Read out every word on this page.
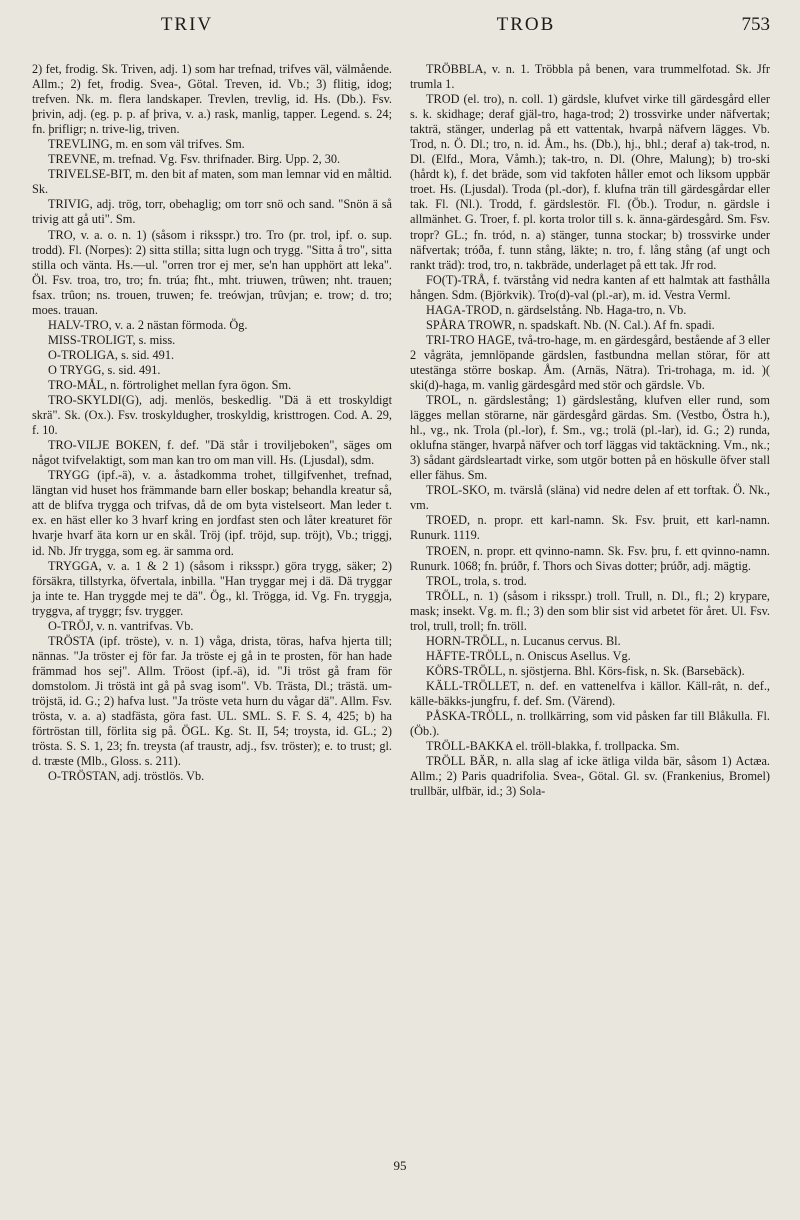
TRIV	TROB	753

2) fet, frodig. Sk. Triven, adj. 1) som har trefnad, trifves väl, välmående. Allm.; 2) fet, frodig. Svea-, Götal. Treven, id. Vb.; 3) flitig, idog; trefven. Nk. m. flera landskaper. Trevlen, trevlig, id. Hs. (Db.). Fsv. þrivin, adj. (eg. p. p. af þriva, v. a.) rask, manlig, tapper. Legend. s. 24; fn. þrifligr; n. trive-lig, triven.

TREVLING, m. en som väl trifves. Sm.

TREVNE, m. trefnad. Vg. Fsv. thrifnader. Birg. Upp. 2, 30.

TRIVELSE-BIT, m. den bit af maten, som man lemnar vid en måltid. Sk.

TRIVIG, adj. trög, torr, obehaglig; om torr snö och sand. "Snön ä så trivig att gå uti". Sm.

TRO, v. a. o. n. 1) (såsom i riksspr.) tro. Tro (pr. trol, ipf. o. sup. trodd). Fl. (Norpes): 2) sitta stilla; sitta lugn och trygg. "Sitta å tro", sitta stilla och vänta. Hs.—ul. "orren tror ej mer, se'n han upphört att leka". Öl. Fsv. troa, tro, tro; fn. trúa; fht., mht. triuwen, trûwen; nht. trauen; fsax. trûon; ns. trouen, truwen; fe. treówjan, trûvjan; e. trow; d. tro; moes. trauan.

HALV-TRO, v. a. 2 nästan förmoda. Ög.

MISS-TROLIGT, s. miss.

O-TROLIGA, s. sid. 491.

O TRYGG, s. sid. 491.

TRO-MÅL, n. förtrolighet mellan fyra ögon. Sm.

TRO-SKYLDI(G), adj. menlös, beskedlig. "Dä ä ett troskyldigt skrä". Sk. (Ox.). Fsv. troskyldugher, troskyldig, kristtrogen. Cod. A. 29, f. 10.

TRO-VILJE BOKEN, f. def. "Dä står i troviljeboken", säges om något tvifvelaktigt, som man kan tro om man vill. Hs. (Ljusdal), sdm.

TRYGG (ipf.-ä), v. a. åstadkomma trohet, tillgifvenhet, trefnad, längtan vid huset hos främmande barn eller boskap; behandla kreatur så, att de blifva trygga och trifvas, då de om byta vistelseort. Man leder t. ex. en häst eller ko 3 hvarf kring en jordfast sten och låter kreaturet för hvarje hvarf äta korn ur en skål. Tröj (ipf. tröjd, sup. tröjt), Vb.; triggj, id. Nb. Jfr trygga, som eg. är samma ord.

TRYGGA, v. a. 1 & 2 1) (såsom i riksspr.) göra trygg, säker; 2) försäkra, tillstyrka, öfvertala, inbilla. "Han tryggar mej i dä. Dä tryggar ja inte te. Han tryggde mej te dä". Ög., kl. Trögga, id. Vg. Fn. tryggja, tryggva, af tryggr; fsv. trygger.

O-TRÖJ, v. n. vantrifvas. Vb.

TRÖSTA (ipf. tröste), v. n. 1) våga, drista, töras, hafva hjerta till; nännas. "Ja tröster ej för far. Ja tröste ej gå in te prosten, för han hade främmad hos sej". Allm. Tröost (ipf.-ä), id. "Ji tröst gå fram för domstolom. Ji tröstä int gå på svag isom". Vb. Trästa, Dl.; trästä. um-tröjstä, id. G.; 2) hafva lust. "Ja tröste veta hurn du vågar dä". Allm. Fsv. trösta, v. a. a) stadfästa, göra fast. UL. SML. S. F. S. 4, 425; b) ha förtröstan till, förlita sig på. ÖGL. Kg. St. II, 54; troysta, id. GL.; 2) trösta. S. S. 1, 23; fn. treysta (af traustr, adj., fsv. tröster); e. to trust; gl. d. træste (Mlb., Gloss. s. 211).

O-TRÖSTAN, adj. tröstlös. Vb.

TRÖBBLA, v. n. 1. Tröbbla på benen, vara trummelfotad. Sk. Jfr trumla 1.

TROD (el. tro), n. coll. 1) gärdsle, klufvet virke till gärdesgård eller s. k. skidhage; deraf gjäl-tro, haga-trod; 2) trossvirke under näfvertak; takträ, stänger, underlag på ett vattentak, hvarpå näfvern lägges. Vb. Trod, n. Ö. Dl.; tro, n. id. Åm., hs. (Db.), hj., bhl.; deraf a) tak-trod, n. Dl. (Elfd., Mora, Våmh.); tak-tro, n. Dl. (Ohre, Malung); b) tro-ski (hårdt k), f. det bräde, som vid takfoten håller emot och liksom uppbär troet. Hs. (Ljusdal). Troda (pl.-dor), f. klufna trän till gärdesgårdar eller tak. Fl. (Nl.). Trodd, f. gärdslestör. Fl. (Öb.). Trodur, n. gärdsle i allmänhet. G. Troer, f. pl. korta trolor till s. k. änna-gärdesgård. Sm. Fsv. tropr? GL.; fn. tród, n. a) stänger, tunna stockar; b) trossvirke under näfvertak; tróða, f. tunn stång, läkte; n. tro, f. lång stång (af ungt och rankt träd): trod, tro, n. takbräde, underlaget på ett tak. Jfr rod.

FO(T)-TRÅ, f. tvärstång vid nedra kanten af ett halmtak att fasthålla hången. Sdm. (Björkvik). Tro(d)-val (pl.-ar), m. id. Vestra Verml.

HAGA-TROD, n. gärdselstång. Nb. Haga-tro, n. Vb.

SPÅRA TROWR, n. spadskaft. Nb. (N. Cal.). Af fn. spadi.

TRI-TRO HAGE, två-tro-hage, m. en gärdesgård, bestående af 3 eller 2 vågräta, jemnlöpande gärdslen, fastbundna mellan störar, för att utestänga större boskap. Åm. (Arnäs, Nätra). Tri-trohaga, m. id. )( ski(d)-haga, m. vanlig gärdesgård med stör och gärdsle. Vb.

TROL, n. gärdslestång; 1) gärdslestång, klufven eller rund, som lägges mellan störarne, när gärdesgård gärdas. Sm. (Vestbo, Östra h.), hl., vg., nk. Trola (pl.-lor), f. Sm., vg.; trolä (pl.-lar), id. G.; 2) runda, oklufna stänger, hvarpå näfver och torf läggas vid taktäckning. Vm., nk.; 3) sådant gärdsleartadt virke, som utgör botten på en höskulle öfver stall eller fähus. Sm.

TROL-SKO, m. tvärslå (släna) vid nedre delen af ett torftak. Ö. Nk., vm.

TROED, n. propr. ett karl-namn. Sk. Fsv. þruit, ett karl-namn. Runurk. 1119.

TROEN, n. propr. ett qvinno-namn. Sk. Fsv. þru, f. ett qvinno-namn. Runurk. 1068; fn. þrúðr, f. Thors och Sivas dotter; þrúðr, adj. mägtig.

TROL, trola, s. trod.

TRÖLL, n. 1) (såsom i riksspr.) troll. Trull, n. Dl., fl.; 2) krypare, mask; insekt. Vg. m. fl.; 3) den som blir sist vid arbetet för året. Ul. Fsv. trol, trull, troll; fn. tröll.

HORN-TRÖLL, n. Lucanus cervus. Bl.

HÄFTE-TRÖLL, n. Oniscus Asellus. Vg.

KÖRS-TRÖLL, n. sjöstjerna. Bhl. Körs-fisk, n. Sk. (Barsebäck).

KÄLL-TRÖLLET, n. def. en vattenelfva i källor. Käll-rât, n. def., källe-bäkks-jungfru, f. def. Sm. (Värend).

PÅSKA-TRÖLL, n. trollkärring, som vid påsken far till Blåkulla. Fl. (Öb.).

TRÖLL-BAKKA el. tröll-blakka, f. trollpacka. Sm.

TRÖLL BÄR, n. alla slag af icke ätliga vilda bär, såsom 1) Actæa. Allm.; 2) Paris quadrifolia. Svea-, Götal. Gl. sv. (Frankenius, Bromel) trullbär, ulfbär, id.; 3) Sola-

95
